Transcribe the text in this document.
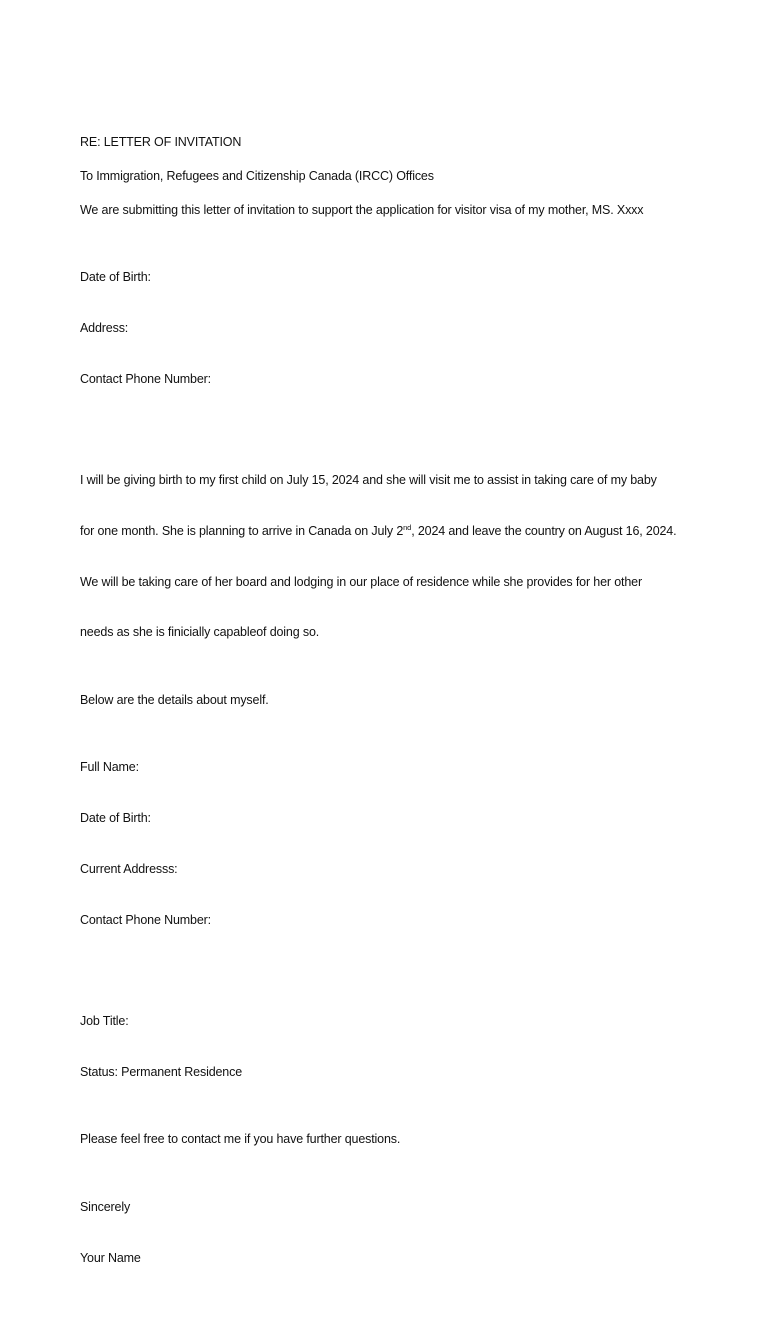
RE: LETTER OF INVITATION

To Immigration, Refugees and Citizenship Canada (IRCC) Offices

We are submitting this letter of invitation to support the application for visitor visa of my mother, MS. Xxxx

Date of Birth:

Address:

Contact Phone Number:

I will be giving birth to my first child on July 15, 2024 and she will visit me to assist in taking care of my baby

for one month. She is planning to arrive in Canada on July 2nd, 2024 and leave the country on August 16, 2024.

We will be taking care of her board and lodging in our place of residence while she provides for her other

needs as she is finicially capableof doing so.

Below are the details about myself.

Full Name:

Date of Birth:

Current Addresss:

Contact Phone Number:

Job Title:

Status: Permanent Residence

Please feel free to contact me if you have further questions.

Sincerely

Your Name
